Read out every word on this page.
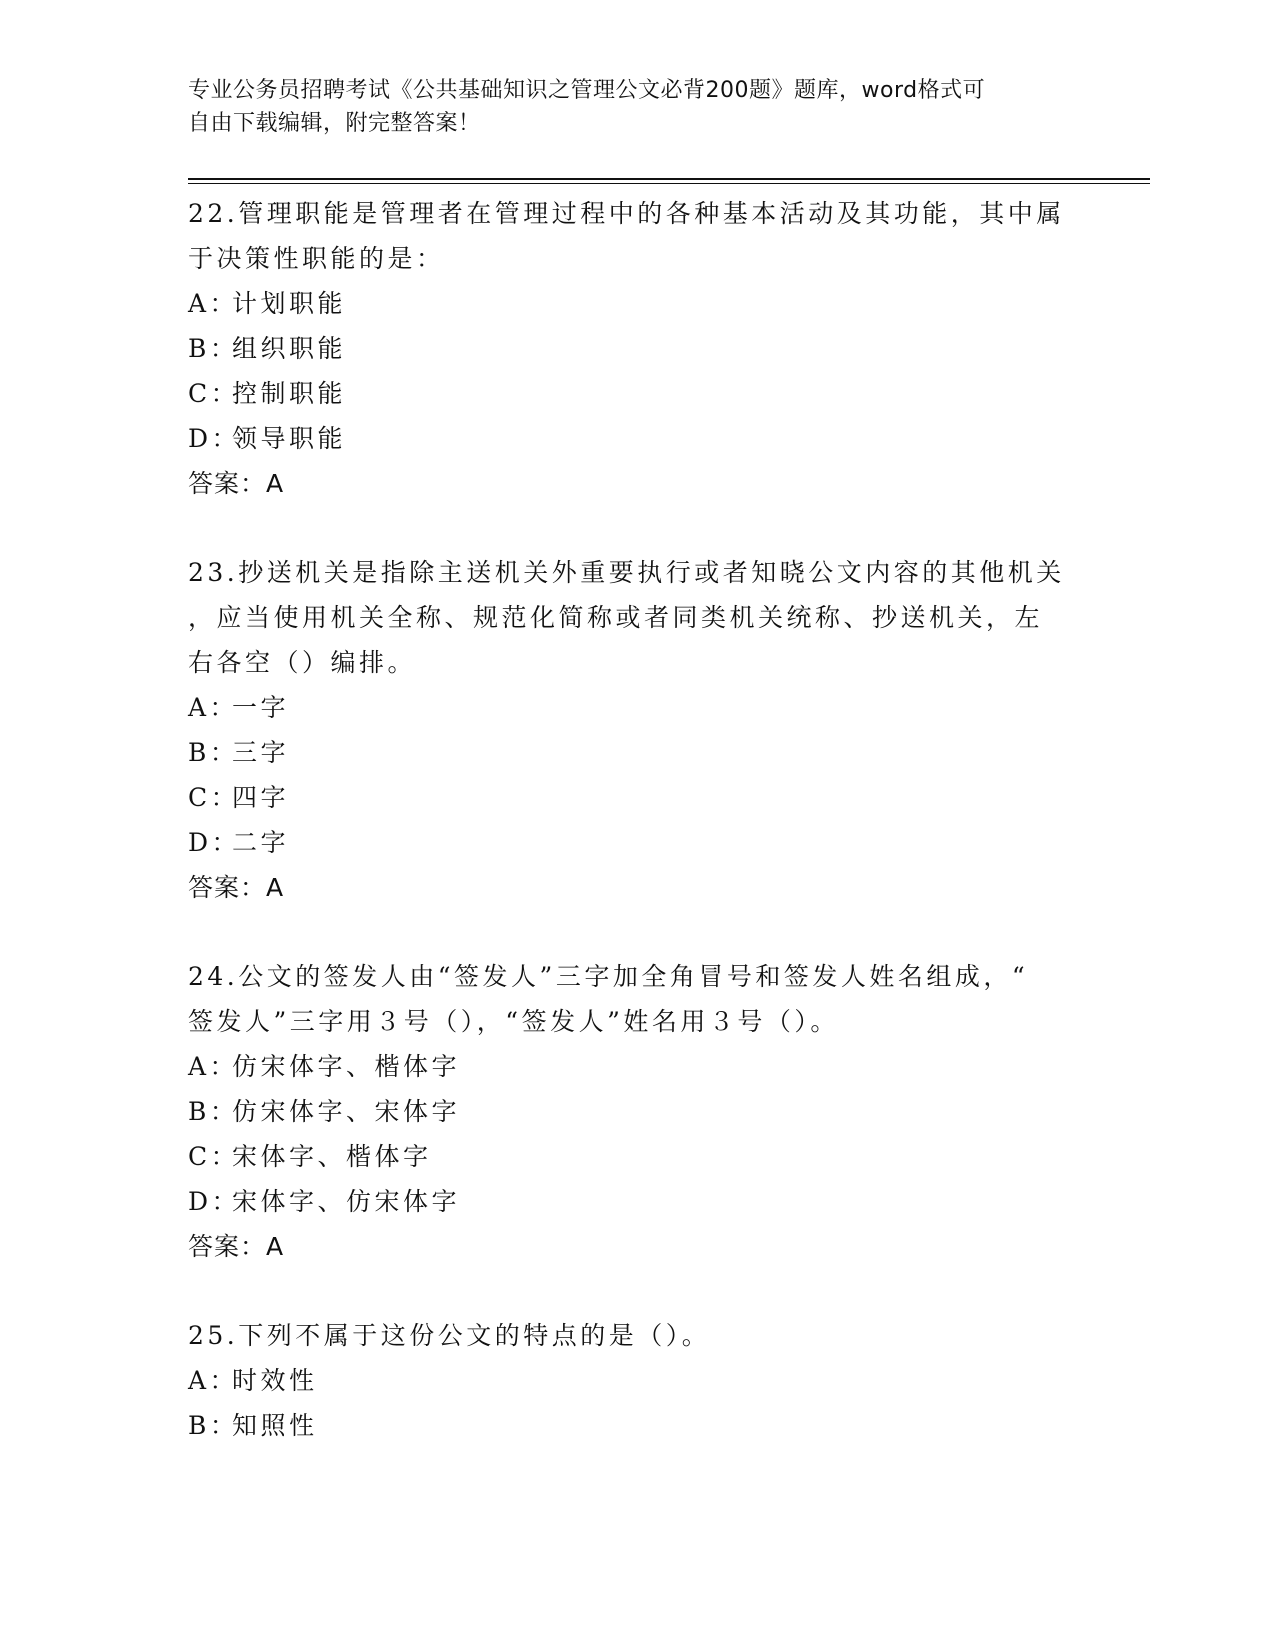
专业公务员招聘考试《公共基础知识之管理公文必背200题》题库，word格式可
自由下载编辑，附完整答案！
22.管理职能是管理者在管理过程中的各种基本活动及其功能，其中属
于决策性职能的是：
A：计划职能
B：组织职能
C：控制职能
D：领导职能
答案：A
23.抄送机关是指除主送机关外重要执行或者知晓公文内容的其他机关
，应当使用机关全称、规范化简称或者同类机关统称、抄送机关，左
右各空（）编排。
A：一字
B：三字
C：四字
D：二字
答案：A
24.公文的签发人由“签发人”三字加全角冒号和签发人姓名组成，“
签发人”三字用３号（），“签发人”姓名用３号（）。
A：仿宋体字、楷体字
B：仿宋体字、宋体字
C：宋体字、楷体字
D：宋体字、仿宋体字
答案：A
25.下列不属于这份公文的特点的是（）。
A：时效性
B：知照性
